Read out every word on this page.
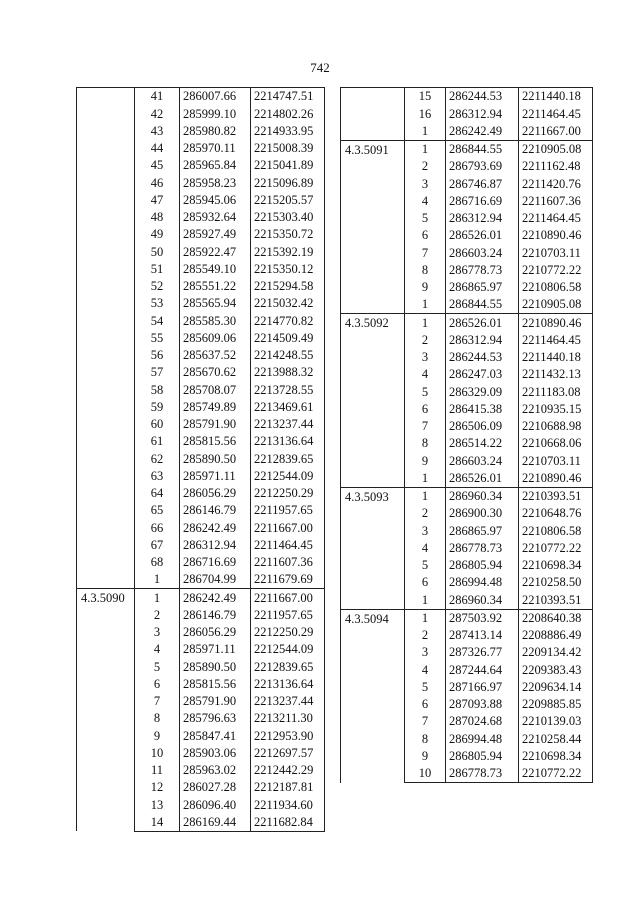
742
	41	286007.66	2214747.51
	42	285999.10	2214802.26
	43	285980.82	2214933.95
	44	285970.11	2215008.39
	45	285965.84	2215041.89
	46	285958.23	2215096.89
	47	285945.06	2215205.57
	48	285932.64	2215303.40
	49	285927.49	2215350.72
	50	285922.47	2215392.19
	51	285549.10	2215350.12
	52	285551.22	2215294.58
	53	285565.94	2215032.42
	54	285585.30	2214770.82
	55	285609.06	2214509.49
	56	285637.52	2214248.55
	57	285670.62	2213988.32
	58	285708.07	2213728.55
	59	285749.89	2213469.61
	60	285791.90	2213237.44
	61	285815.56	2213136.64
	62	285890.50	2212839.65
	63	285971.11	2212544.09
	64	286056.29	2212250.29
	65	286146.79	2211957.65
	66	286242.49	2211667.00
	67	286312.94	2211464.45
	68	286716.69	2211607.36
	1	286704.99	2211679.69
4.3.5090	1	286242.49	2211667.00
	2	286146.79	2211957.65
	3	286056.29	2212250.29
	4	285971.11	2212544.09
	5	285890.50	2212839.65
	6	285815.56	2213136.64
	7	285791.90	2213237.44
	8	285796.63	2213211.30
	9	285847.41	2212953.90
	10	285903.06	2212697.57
	11	285963.02	2212442.29
	12	286027.28	2212187.81
	13	286096.40	2211934.60
	14	286169.44	2211682.84
	15	286244.53	2211440.18
	16	286312.94	2211464.45
	1	286242.49	2211667.00
4.3.5091	1	286844.55	2210905.08
	2	286793.69	2211162.48
	3	286746.87	2211420.76
	4	286716.69	2211607.36
	5	286312.94	2211464.45
	6	286526.01	2210890.46
	7	286603.24	2210703.11
	8	286778.73	2210772.22
	9	286865.97	2210806.58
	1	286844.55	2210905.08
4.3.5092	1	286526.01	2210890.46
	2	286312.94	2211464.45
	3	286244.53	2211440.18
	4	286247.03	2211432.13
	5	286329.09	2211183.08
	6	286415.38	2210935.15
	7	286506.09	2210688.98
	8	286514.22	2210668.06
	9	286603.24	2210703.11
	1	286526.01	2210890.46
4.3.5093	1	286960.34	2210393.51
	2	286900.30	2210648.76
	3	286865.97	2210806.58
	4	286778.73	2210772.22
	5	286805.94	2210698.34
	6	286994.48	2210258.50
	1	286960.34	2210393.51
4.3.5094	1	287503.92	2208640.38
	2	287413.14	2208886.49
	3	287326.77	2209134.42
	4	287244.64	2209383.43
	5	287166.97	2209634.14
	6	287093.88	2209885.85
	7	287024.68	2210139.03
	8	286994.48	2210258.44
	9	286805.94	2210698.34
	10	286778.73	2210772.22
